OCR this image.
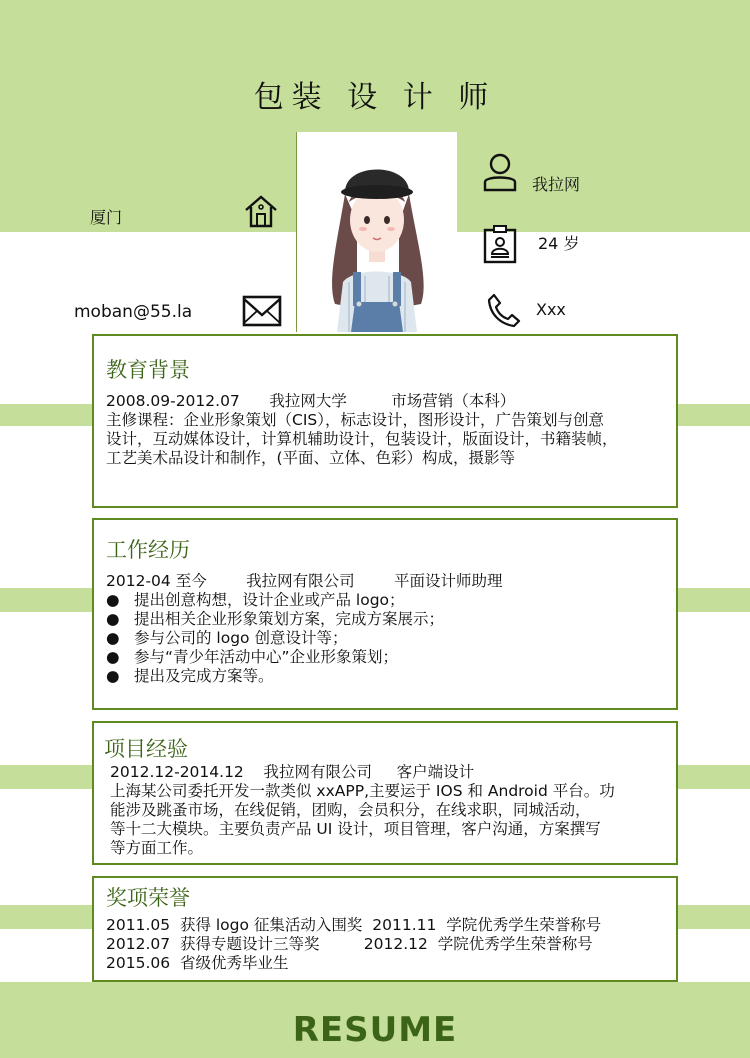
包装 设 计 师
厦门
moban@55.la
我拉网
24 岁
Xxx
教育背景
2008.09-2012.07      我拉网大学         市场营销（本科）
主修课程：企业形象策划（CIS），标志设计，图形设计，广告策划与创意
设计，互动媒体设计，计算机辅助设计，包装设计，版面设计，书籍装帧，
工艺美术品设计和制作，(平面、立体、色彩）构成，摄影等
工作经历
2012-04 至今        我拉网有限公司        平面设计师助理
● 提出创意构想，设计企业或产品 logo；
● 提出相关企业形象策划方案，完成方案展示；
● 参与公司的 logo 创意设计等；
● 参与“青少年活动中心”企业形象策划；
● 提出及完成方案等。
项目经验
2012.12-2014.12    我拉网有限公司     客户端设计
上海某公司委托开发一款类似 xxAPP,主要运于 IOS 和 Android 平台。功
能涉及跳蚤市场，在线促销，团购，会员积分，在线求职，同城活动，
等十二大模块。主要负责产品 UI 设计，项目管理，客户沟通，方案撰写
等方面工作。
奖项荣誉
2011.05  获得 logo 征集活动入围奖  2011.11  学院优秀学生荣誉称号
2012.07  获得专题设计三等奖         2012.12  学院优秀学生荣誉称号
2015.06  省级优秀毕业生
RESUME
